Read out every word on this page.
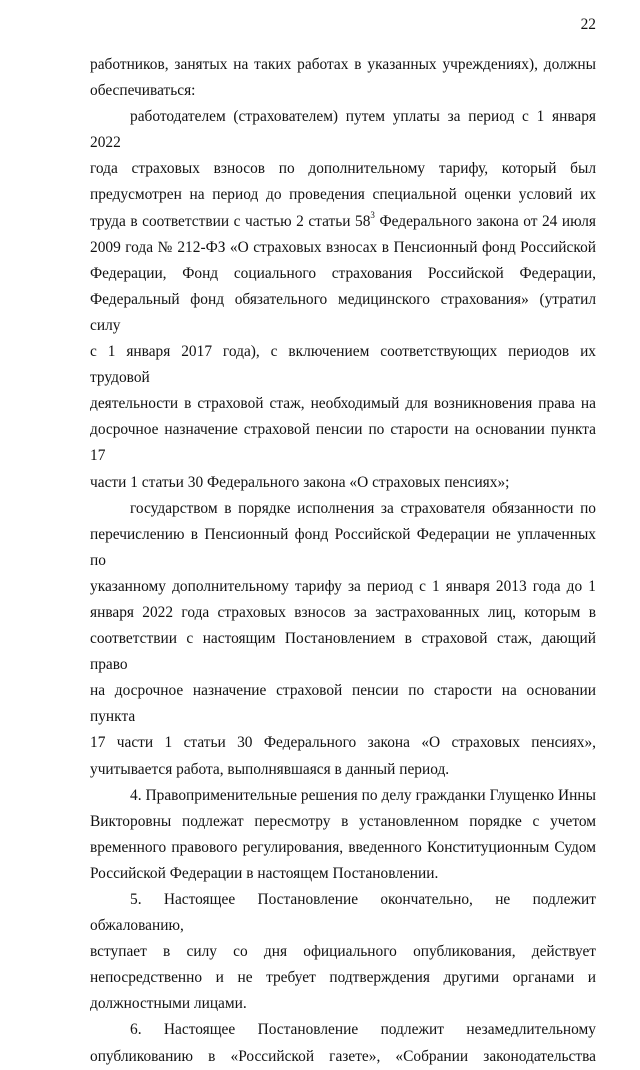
22

работников, занятых на таких работах в указанных учреждениях), должны

обеспечиваться:

работодателем (страхователем) путем уплаты за период с 1 января 2022

года страховых взносов по дополнительному тарифу, который был

предусмотрен на период до проведения специальной оценки условий их

труда в соответствии с частью 2 статьи $58^3$ Федерального закона от 24 июля

2009 года № 212-ФЗ «О страховых взносах в Пенсионный фонд Российской

Федерации, Фонд социального страхования Российской Федерации,

Федеральный фонд обязательного медицинского страхования» (утратил силу

с 1 января 2017 года), с включением соответствующих периодов их трудовой

деятельности в страховой стаж, необходимый для возникновения права на

досрочное назначение страховой пенсии по старости на основании пункта 17

части 1 статьи 30 Федерального закона «О страховых пенсиях»;

государством в порядке исполнения за страхователя обязанности по

перечислению в Пенсионный фонд Российской Федерации не уплаченных по

указанному дополнительному тарифу за период с 1 января 2013 года до 1

января 2022 года страховых взносов за застрахованных лиц, которым в

соответствии с настоящим Постановлением в страховой стаж, дающий право

на досрочное назначение страховой пенсии по старости на основании пункта

17 части 1 статьи 30 Федерального закона «О страховых пенсиях»,

учитывается работа, выполнявшаяся в данный период.

4. Правоприменительные решения по делу гражданки Глущенко Инны

Викторовны подлежат пересмотру в установленном порядке с учетом

временного правового регулирования, введенного Конституционным Судом

Российской Федерации в настоящем Постановлении.

5. Настоящее Постановление окончательно, не подлежит обжалованию,

вступает в силу со дня официального опубликования, действует

непосредственно и не требует подтверждения другими органами и

должностными лицами.

6. Настоящее Постановление подлежит незамедлительному

опубликованию в «Российской газете», «Собрании законодательства
